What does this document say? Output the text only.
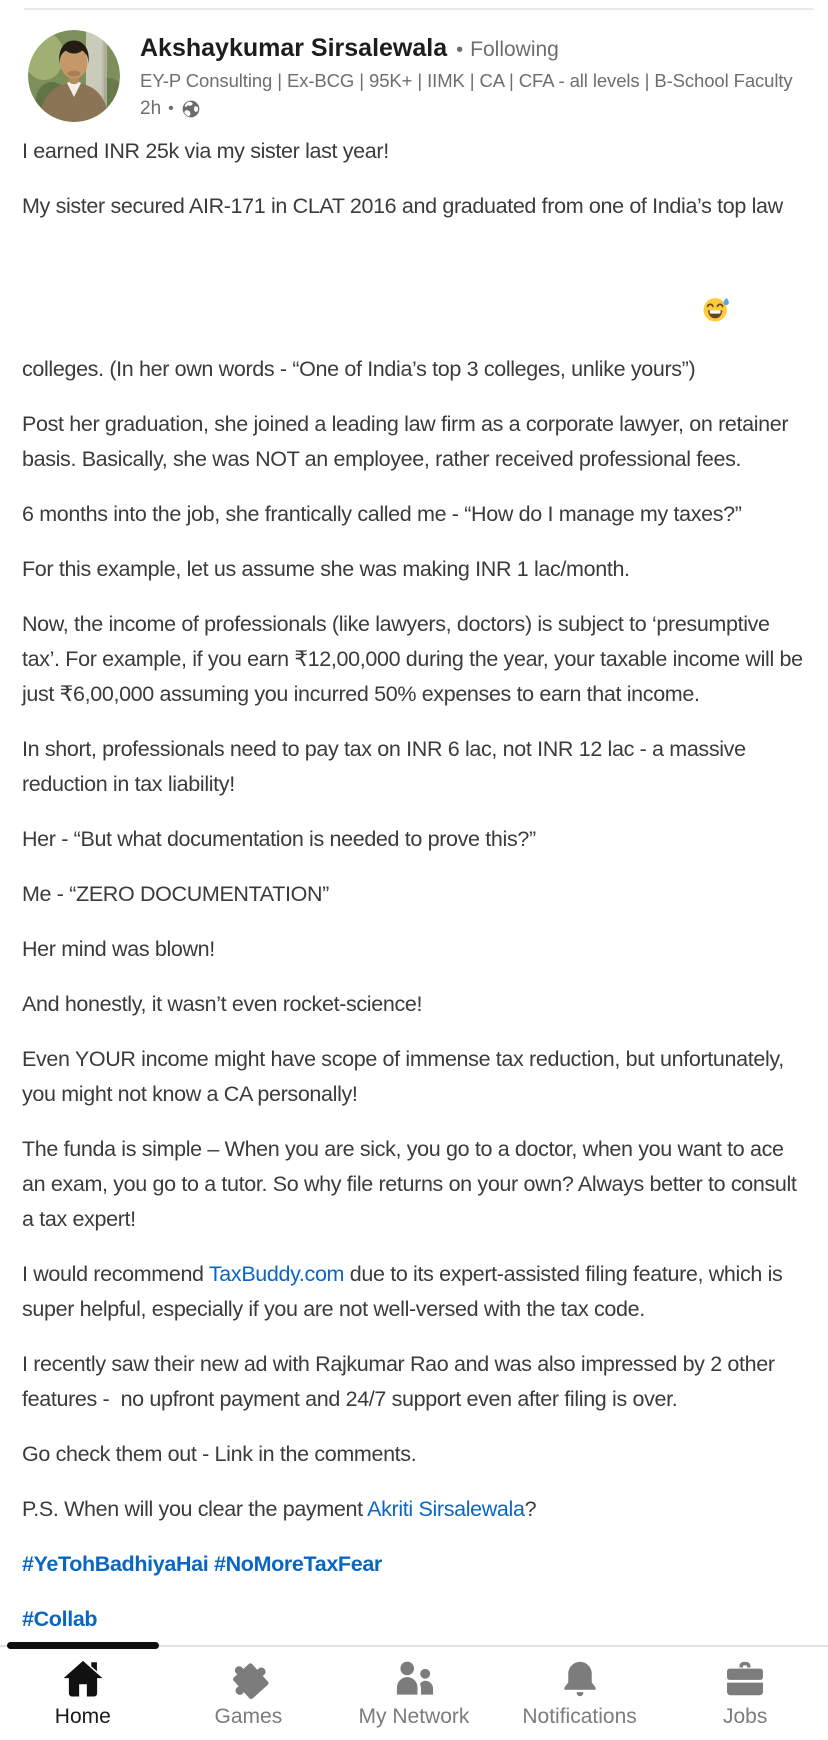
Akshaykumar Sirsalewala • Following
EY-P Consulting | Ex-BCG | 95K+ | IIMK | CA | CFA - all levels | B-School Faculty
2h •

I earned INR 25k via my sister last year!

My sister secured AIR-171 in CLAT 2016 and graduated from one of India’s top law colleges. (In her own words - “One of India’s top 3 colleges, unlike yours”)

Post her graduation, she joined a leading law firm as a corporate lawyer, on retainer basis. Basically, she was NOT an employee, rather received professional fees.

6 months into the job, she frantically called me - “How do I manage my taxes?”

For this example, let us assume she was making INR 1 lac/month.

Now, the income of professionals (like lawyers, doctors) is subject to ‘presumptive tax’. For example, if you earn ₹12,00,000 during the year, your taxable income will be just ₹6,00,000 assuming you incurred 50% expenses to earn that income.

In short, professionals need to pay tax on INR 6 lac, not INR 12 lac - a massive reduction in tax liability!

Her - “But what documentation is needed to prove this?”

Me - “ZERO DOCUMENTATION”

Her mind was blown!

And honestly, it wasn’t even rocket-science!

Even YOUR income might have scope of immense tax reduction, but unfortunately, you might not know a CA personally!

The funda is simple – When you are sick, you go to a doctor, when you want to ace an exam, you go to a tutor. So why file returns on your own? Always better to consult a tax expert!

I would recommend TaxBuddy.com due to its expert-assisted filing feature, which is super helpful, especially if you are not well-versed with the tax code.

I recently saw their new ad with Rajkumar Rao and was also impressed by 2 other features -  no upfront payment and 24/7 support even after filing is over.

Go check them out - Link in the comments.

P.S. When will you clear the payment Akriti Sirsalewala?

#YeTohBadhiyaHai #NoMoreTaxFear

#Collab

Home	Games	My Network	Notifications	Jobs
